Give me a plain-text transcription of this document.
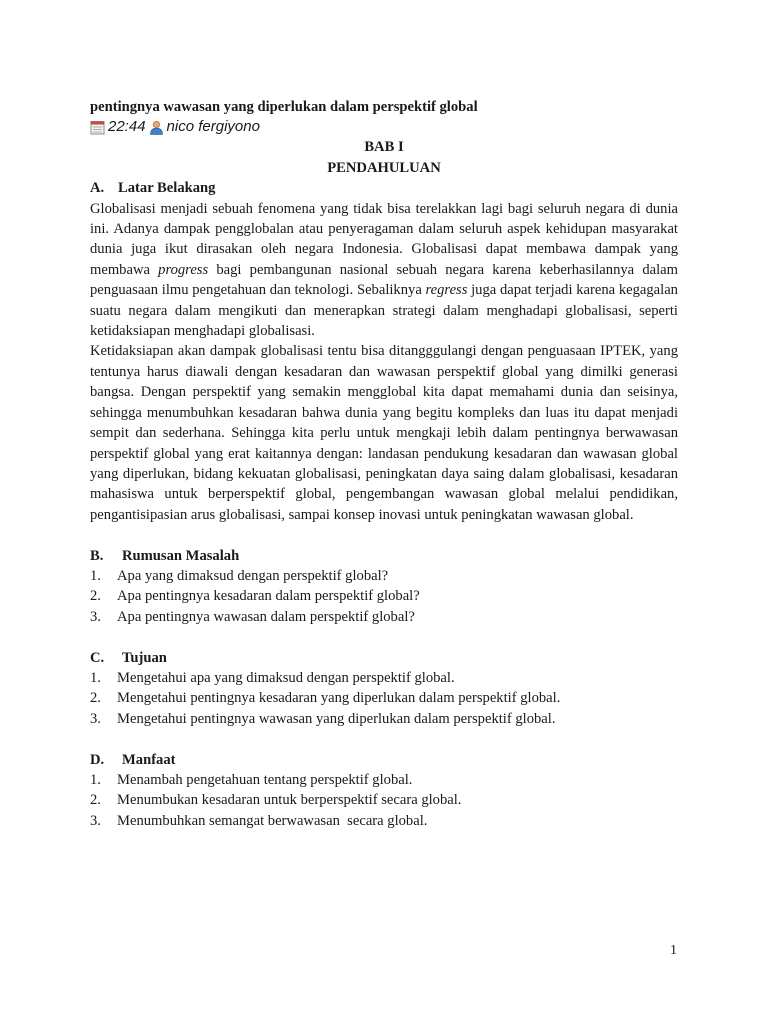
pentingnya wawasan yang diperlukan dalam perspektif global

22:44 nico fergiyono

BAB I

PENDAHULUAN

A. Latar Belakang

Globalisasi menjadi sebuah fenomena yang tidak bisa terelakkan lagi bagi seluruh negara di dunia ini. Adanya dampak pengglobalan atau penyeragaman dalam seluruh aspek kehidupan masyarakat dunia juga ikut dirasakan oleh negara Indonesia. Globalisasi dapat membawa dampak yang membawa progress bagi pembangunan nasional sebuah negara karena keberhasilannya dalam penguasaan ilmu pengetahuan dan teknologi. Sebaliknya regress juga dapat terjadi karena kegagalan suatu negara dalam mengikuti dan menerapkan strategi dalam menghadapi globalisasi, seperti ketidaksiapan menghadapi globalisasi.

Ketidaksiapan akan dampak globalisasi tentu bisa ditangggulangi dengan penguasaan IPTEK, yang tentunya harus diawali dengan kesadaran dan wawasan perspektif global yang dimilki generasi bangsa. Dengan perspektif yang semakin mengglobal kita dapat memahami dunia dan seisinya, sehingga menumbuhkan kesadaran bahwa dunia yang begitu kompleks dan luas itu dapat menjadi sempit dan sederhana. Sehingga kita perlu untuk mengkaji lebih dalam pentingnya berwawasan perspektif global yang erat kaitannya dengan: landasan pendukung kesadaran dan wawasan global yang diperlukan, bidang kekuatan globalisasi, peningkatan daya saing dalam globalisasi, kesadaran mahasiswa untuk berperspektif global, pengembangan wawasan global melalui pendidikan, pengantisipasian arus globalisasi, sampai konsep inovasi untuk peningkatan wawasan global.

B.	Rumusan Masalah
1.	Apa yang dimaksud dengan perspektif global?
2.	Apa pentingnya kesadaran dalam perspektif global?
3.	Apa pentingnya wawasan dalam perspektif global?
C.	Tujuan
1.	Mengetahui apa yang dimaksud dengan perspektif global.
2.	Mengetahui pentingnya kesadaran yang diperlukan dalam perspektif global.
3.	Mengetahui pentingnya wawasan yang diperlukan dalam perspektif global.
D.	Manfaat
1.	Menambah pengetahuan tentang perspektif global.
2.	Menumbukan kesadaran untuk berperspektif secara global.
3.	Menumbuhkan semangat berwawasan  secara global.
1
